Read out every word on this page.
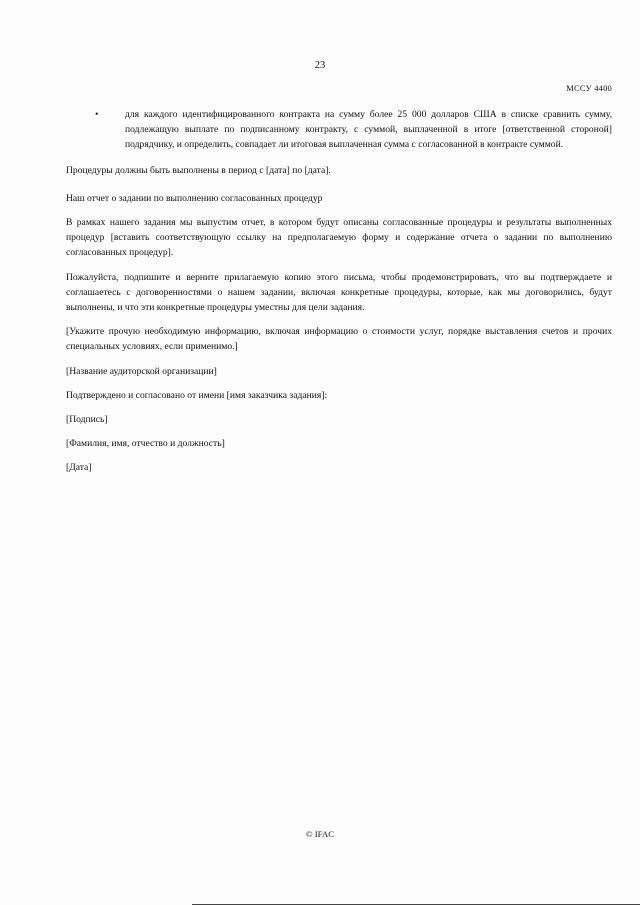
23
МССУ 4400
•	для каждого идентифицированного контракта на сумму более 25 000 долларов США в списке сравнить сумму, подлежащую выплате по подписанному контракту, с суммой, выплаченной в итоге [ответственной стороной] подрядчику, и определить, совпадает ли итоговая выплаченная сумма с согласованной в контракте суммой.

Процедуры должны быть выполнены в период с [дата] по [дата].

Наш отчет о задании по выполнению согласованных процедур

В рамках нашего задания мы выпустим отчет, в котором будут описаны согласованные процедуры и результаты выполненных процедур [вставить соответствующую ссылку на предполагаемую форму и содержание отчета о задании по выполнению согласованных процедур].

Пожалуйста, подпишите и верните прилагаемую копию этого письма, чтобы продемонстрировать, что вы подтверждаете и соглашаетесь с договоренностями о нашем задании, включая конкретные процедуры, которые, как мы договорились, будут выполнены, и что эти конкретные процедуры уместны для цели задания.

[Укажите прочую необходимую информацию, включая информацию о стоимости услуг, порядке выставления счетов и прочих специальных условиях, если применимо.]

[Название аудиторской организации]

Подтверждено и согласовано от имени [имя заказчика задания]:

[Подпись]

[Фамилия, имя, отчество и должность]

[Дата]

© IFAC
